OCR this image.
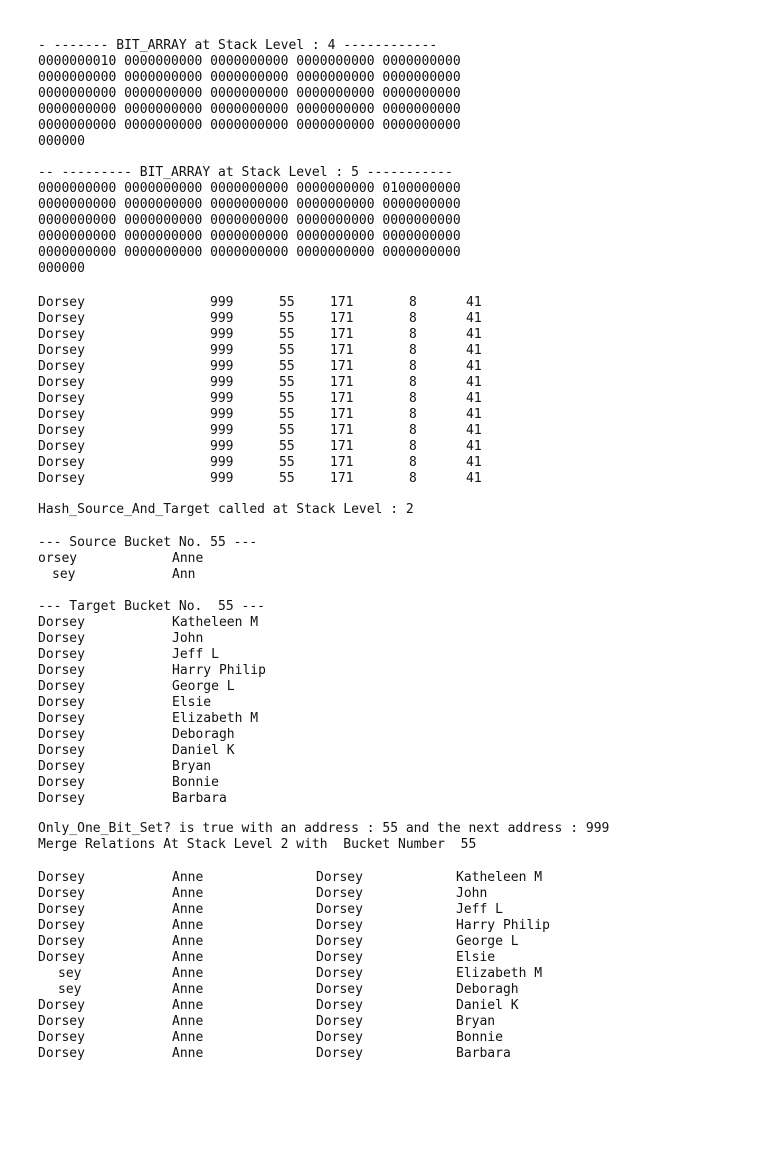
- ------- BIT_ARRAY at Stack Level : 4 ------------

0000000010 0000000000 0000000000 0000000000 0000000000

0000000000 0000000000 0000000000 0000000000 0000000000

0000000000 0000000000 0000000000 0000000000 0000000000

0000000000 0000000000 0000000000 0000000000 0000000000

0000000000 0000000000 0000000000 0000000000 0000000000

000000

-- --------- BIT_ARRAY at Stack Level : 5 -----------

0000000000 0000000000 0000000000 0000000000 0100000000

0000000000 0000000000 0000000000 0000000000 0000000000

0000000000 0000000000 0000000000 0000000000 0000000000

0000000000 0000000000 0000000000 0000000000 0000000000

0000000000 0000000000 0000000000 0000000000 0000000000

000000

Dorsey	999	55	171	8	41

Dorsey	999	55	171	8	41

Dorsey	999	55	171	8	41

Dorsey	999	55	171	8	41

Dorsey	999	55	171	8	41

Dorsey	999	55	171	8	41

Dorsey	999	55	171	8	41

Dorsey	999	55	171	8	41

Dorsey	999	55	171	8	41

Dorsey	999	55	171	8	41

Dorsey	999	55	171	8	41

Dorsey	999	55	171	8	41

Hash_Source_And_Target called at Stack Level : 2

--- Source Bucket No. 55 ---

orsey	Anne

sey	Ann

--- Target Bucket No.  55 ---

Dorsey	Katheleen M

Dorsey	John

Dorsey	Jeff L

Dorsey	Harry Philip

Dorsey	George L

Dorsey	Elsie

Dorsey	Elizabeth M

Dorsey	Deboragh

Dorsey	Daniel K

Dorsey	Bryan

Dorsey	Bonnie

Dorsey	Barbara

Only_One_Bit_Set? is true with an address : 55 and the next address : 999

Merge Relations At Stack Level 2 with  Bucket Number  55

Dorsey	Anne	Dorsey	Katheleen M

Dorsey	Anne	Dorsey	John

Dorsey	Anne	Dorsey	Jeff L

Dorsey	Anne	Dorsey	Harry Philip

Dorsey	Anne	Dorsey	George L

Dorsey	Anne	Dorsey	Elsie

sey	Anne	Dorsey	Elizabeth M

sey	Anne	Dorsey	Deboragh

Dorsey	Anne	Dorsey	Daniel K

Dorsey	Anne	Dorsey	Bryan

Dorsey	Anne	Dorsey	Bonnie

Dorsey	Anne	Dorsey	Barbara
